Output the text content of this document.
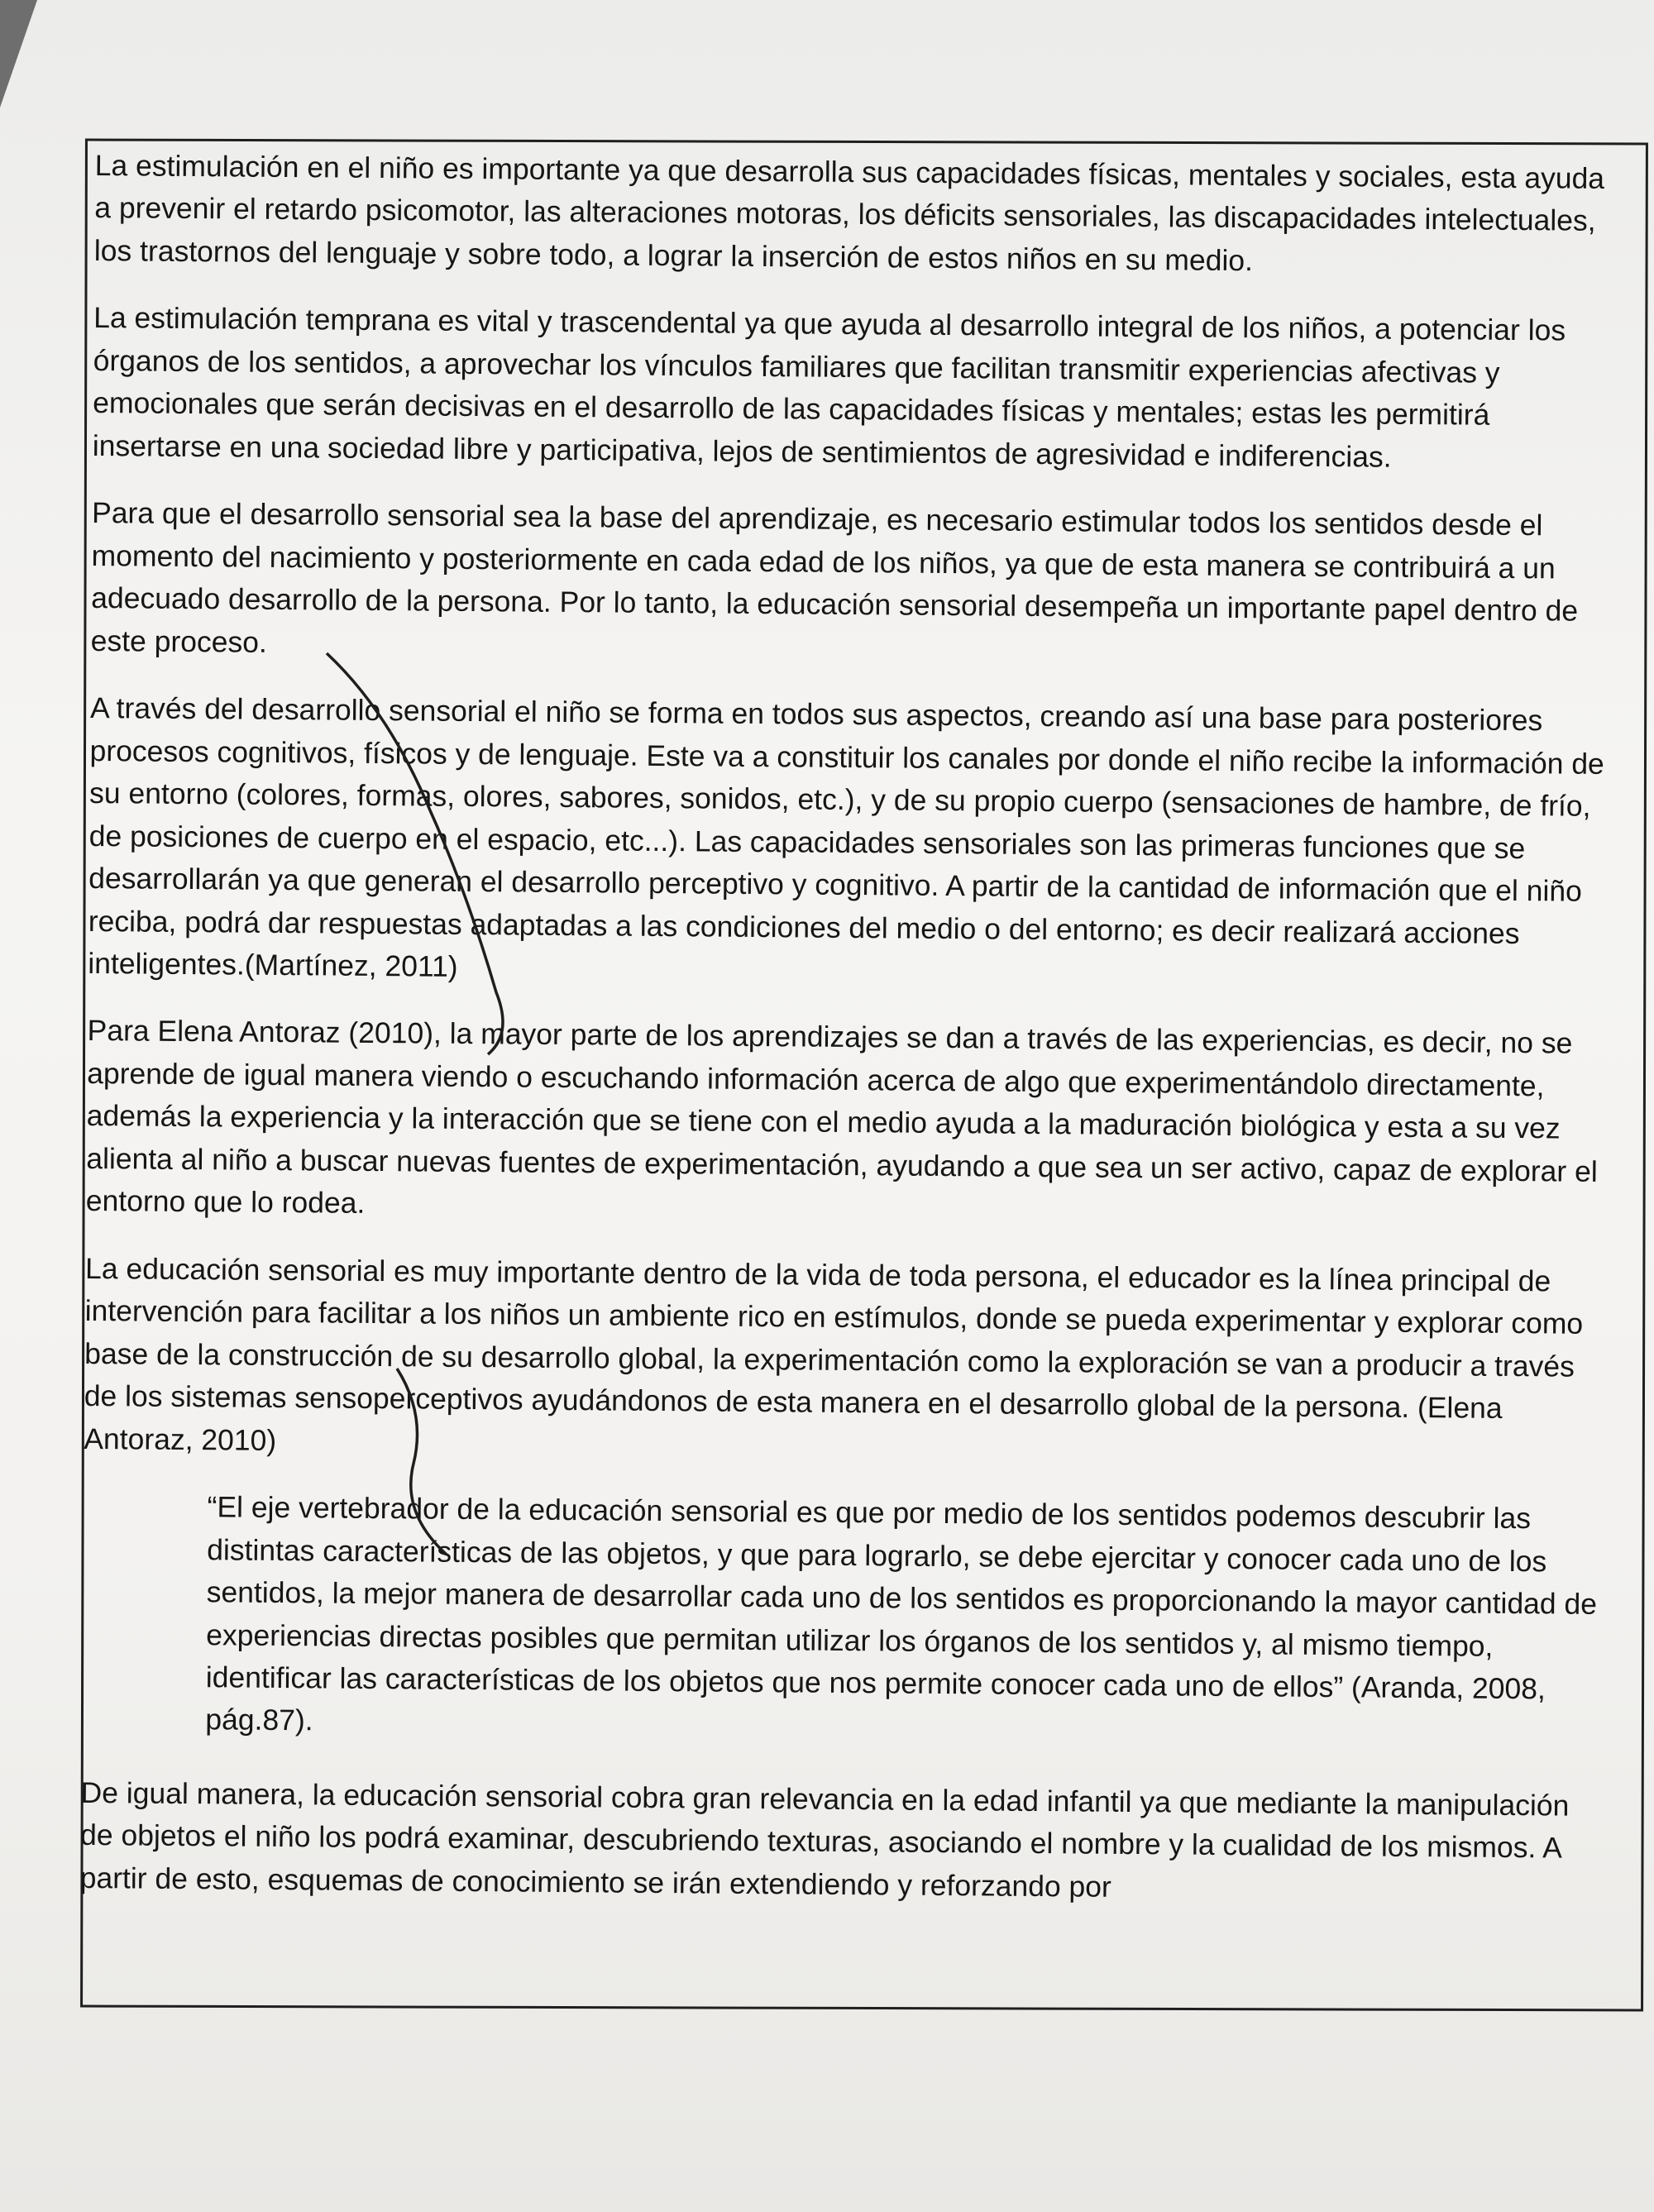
La estimulación en el niño es importante ya que desarrolla sus capacidades físicas, mentales y sociales, esta ayuda a prevenir el retardo psicomotor, las alteraciones motoras, los déficits sensoriales, las discapacidades intelectuales, los trastornos del lenguaje y sobre todo, a lograr la inserción de estos niños en su medio.

La estimulación temprana es vital y trascendental ya que ayuda al desarrollo integral de los niños, a potenciar los órganos de los sentidos, a aprovechar los vínculos familiares que facilitan transmitir experiencias afectivas y emocionales que serán decisivas en el desarrollo de las capacidades físicas y mentales; estas les permitirá insertarse en una sociedad libre y participativa, lejos de sentimientos de agresividad e indiferencias.

Para que el desarrollo sensorial sea la base del aprendizaje, es necesario estimular todos los sentidos desde el momento del nacimiento y posteriormente en cada edad de los niños, ya que de esta manera se contribuirá a un adecuado desarrollo de la persona. Por lo tanto, la educación sensorial desempeña un importante papel dentro de este proceso.

A través del desarrollo sensorial el niño se forma en todos sus aspectos, creando así una base para posteriores procesos cognitivos, físicos y de lenguaje. Este va a constituir los canales por donde el niño recibe la información de su entorno (colores, formas, olores, sabores, sonidos, etc.), y de su propio cuerpo (sensaciones de hambre, de frío, de posiciones de cuerpo en el espacio, etc...). Las capacidades sensoriales son las primeras funciones que se desarrollarán ya que generan el desarrollo perceptivo y cognitivo. A partir de la cantidad de información que el niño reciba, podrá dar respuestas adaptadas a las condiciones del medio o del entorno; es decir realizará acciones inteligentes.(Martínez, 2011)

Para Elena Antoraz (2010), la mayor parte de los aprendizajes se dan a través de las experiencias, es decir, no se aprende de igual manera viendo o escuchando información acerca de algo que experimentándolo directamente, además la experiencia y la interacción que se tiene con el medio ayuda a la maduración biológica y esta a su vez alienta al niño a buscar nuevas fuentes de experimentación, ayudando a que sea un ser activo, capaz de explorar el entorno que lo rodea.

La educación sensorial es muy importante dentro de la vida de toda persona, el educador es la línea principal de intervención para facilitar a los niños un ambiente rico en estímulos, donde se pueda experimentar y explorar como base de la construcción de su desarrollo global, la experimentación como la exploración se van a producir a través de los sistemas sensoperceptivos ayudándonos de esta manera en el desarrollo global de la persona. (Elena Antoraz, 2010)

“El eje vertebrador de la educación sensorial es que por medio de los sentidos podemos descubrir las distintas características de las objetos, y que para lograrlo, se debe ejercitar y conocer cada uno de los sentidos, la mejor manera de desarrollar cada uno de los sentidos es proporcionando la mayor cantidad de experiencias directas posibles que permitan utilizar los órganos de los sentidos y, al mismo tiempo, identificar las características de los objetos que nos permite conocer cada uno de ellos” (Aranda, 2008, pág.87).

De igual manera, la educación sensorial cobra gran relevancia en la edad infantil ya que mediante la manipulación de objetos el niño los podrá examinar, descubriendo texturas, asociando el nombre y la cualidad de los mismos. A partir de esto, esquemas de conocimiento se irán extendiendo y reforzando por
